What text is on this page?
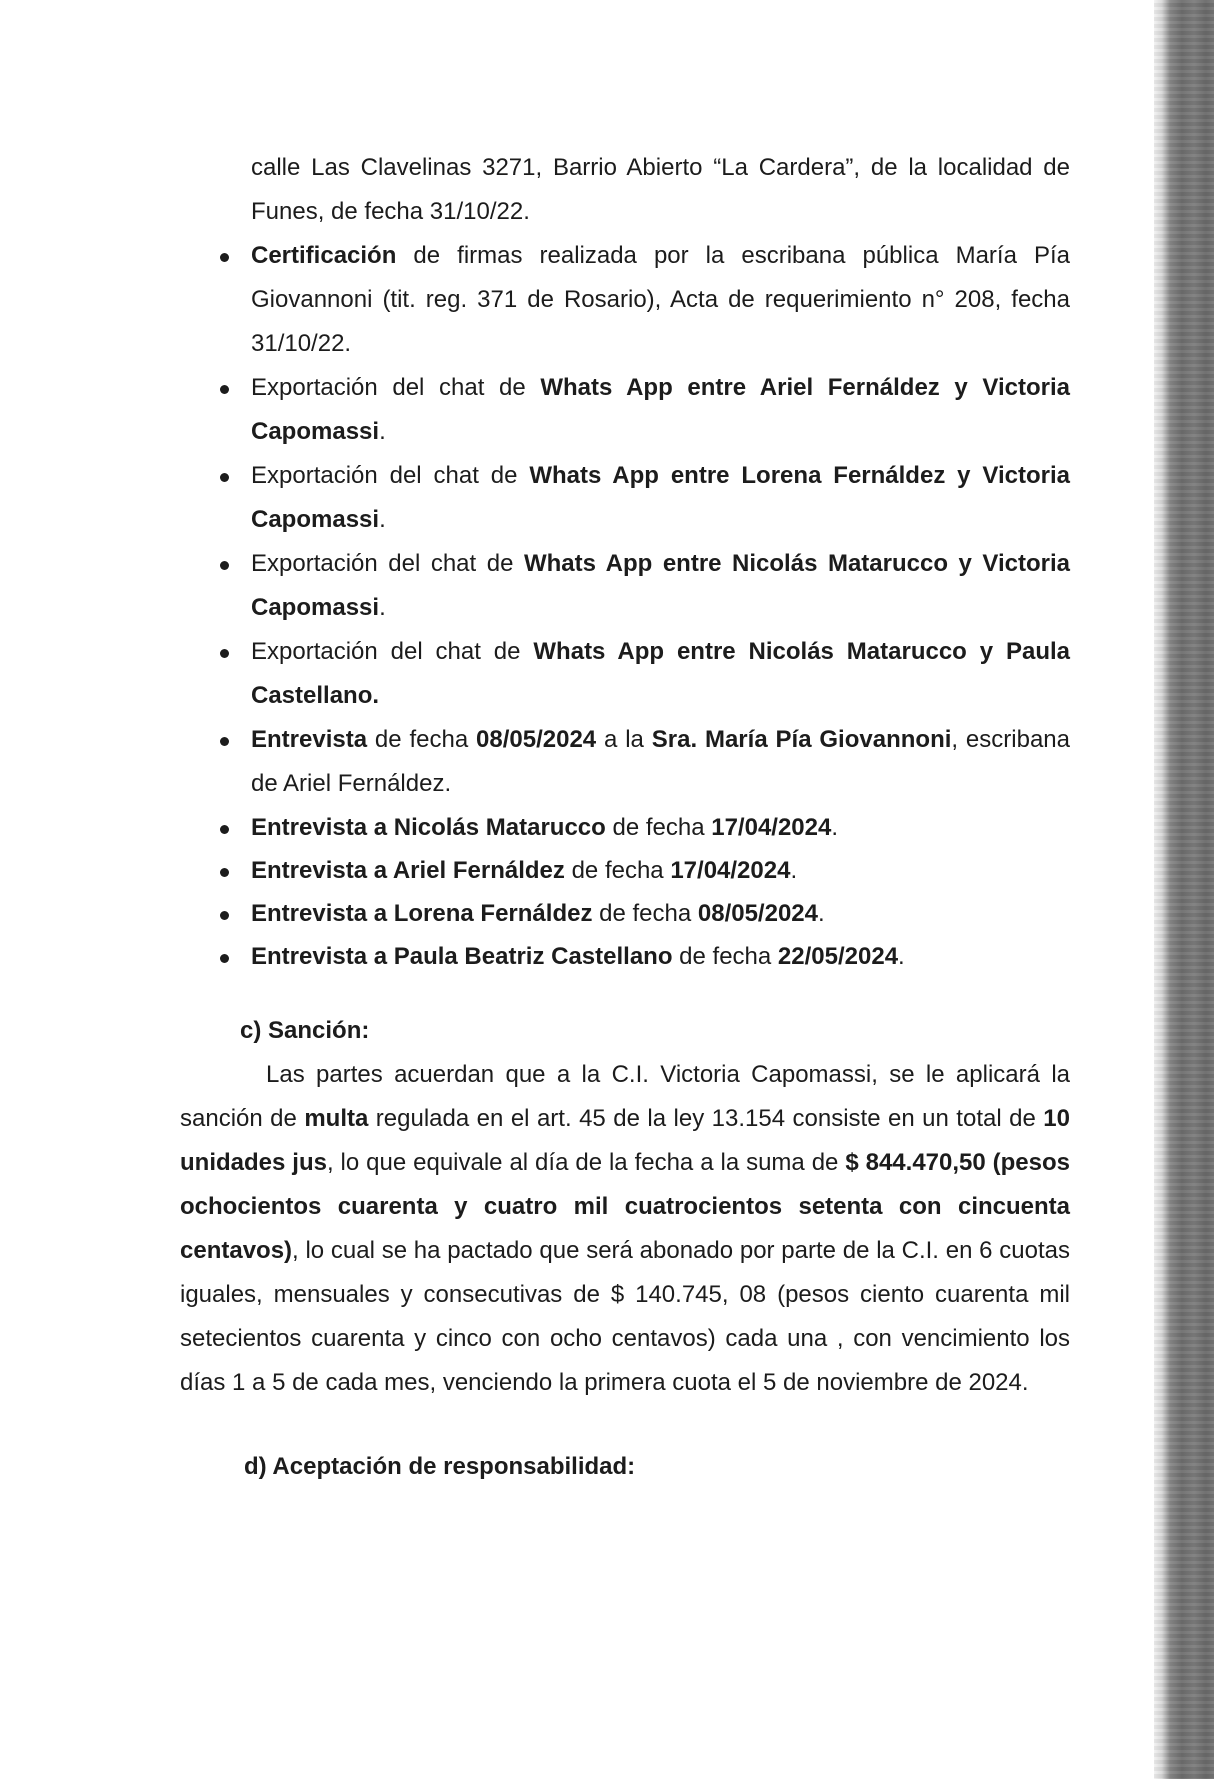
calle Las Clavelinas 3271, Barrio Abierto “La Cardera”, de la localidad de Funes, de fecha 31/10/22.

Certificación de firmas realizada por la escribana pública María Pía Giovannoni (tit. reg. 371 de Rosario), Acta de requerimiento n° 208, fecha 31/10/22.
Exportación del chat de Whats App entre Ariel Fernáldez y Victoria Capomassi.
Exportación del chat de Whats App entre Lorena Fernáldez y Victoria Capomassi.
Exportación del chat de Whats App entre Nicolás Matarucco y Victoria Capomassi.
Exportación del chat de Whats App entre Nicolás Matarucco y Paula Castellano.
Entrevista de fecha 08/05/2024 a la Sra. María Pía Giovannoni, escribana de Ariel Fernáldez.
Entrevista a Nicolás Matarucco de fecha 17/04/2024.
Entrevista a Ariel Fernáldez de fecha 17/04/2024.
Entrevista a Lorena Fernáldez de fecha 08/05/2024.
Entrevista a Paula Beatriz Castellano de fecha 22/05/2024.

c) Sanción:

Las partes acuerdan que a la C.I. Victoria Capomassi, se le aplicará la sanción de multa regulada en el art. 45 de la ley 13.154 consiste en un total de 10 unidades jus, lo que equivale al día de la fecha a la suma de $ 844.470,50 (pesos ochocientos cuarenta y cuatro mil cuatrocientos setenta con cincuenta centavos), lo cual se ha pactado que será abonado por parte de la C.I. en 6 cuotas iguales, mensuales y consecutivas de $ 140.745, 08 (pesos ciento cuarenta mil setecientos cuarenta y cinco con ocho centavos) cada una , con vencimiento los días 1 a 5 de cada mes, venciendo la primera cuota el 5 de noviembre de 2024.

d) Aceptación de responsabilidad:
